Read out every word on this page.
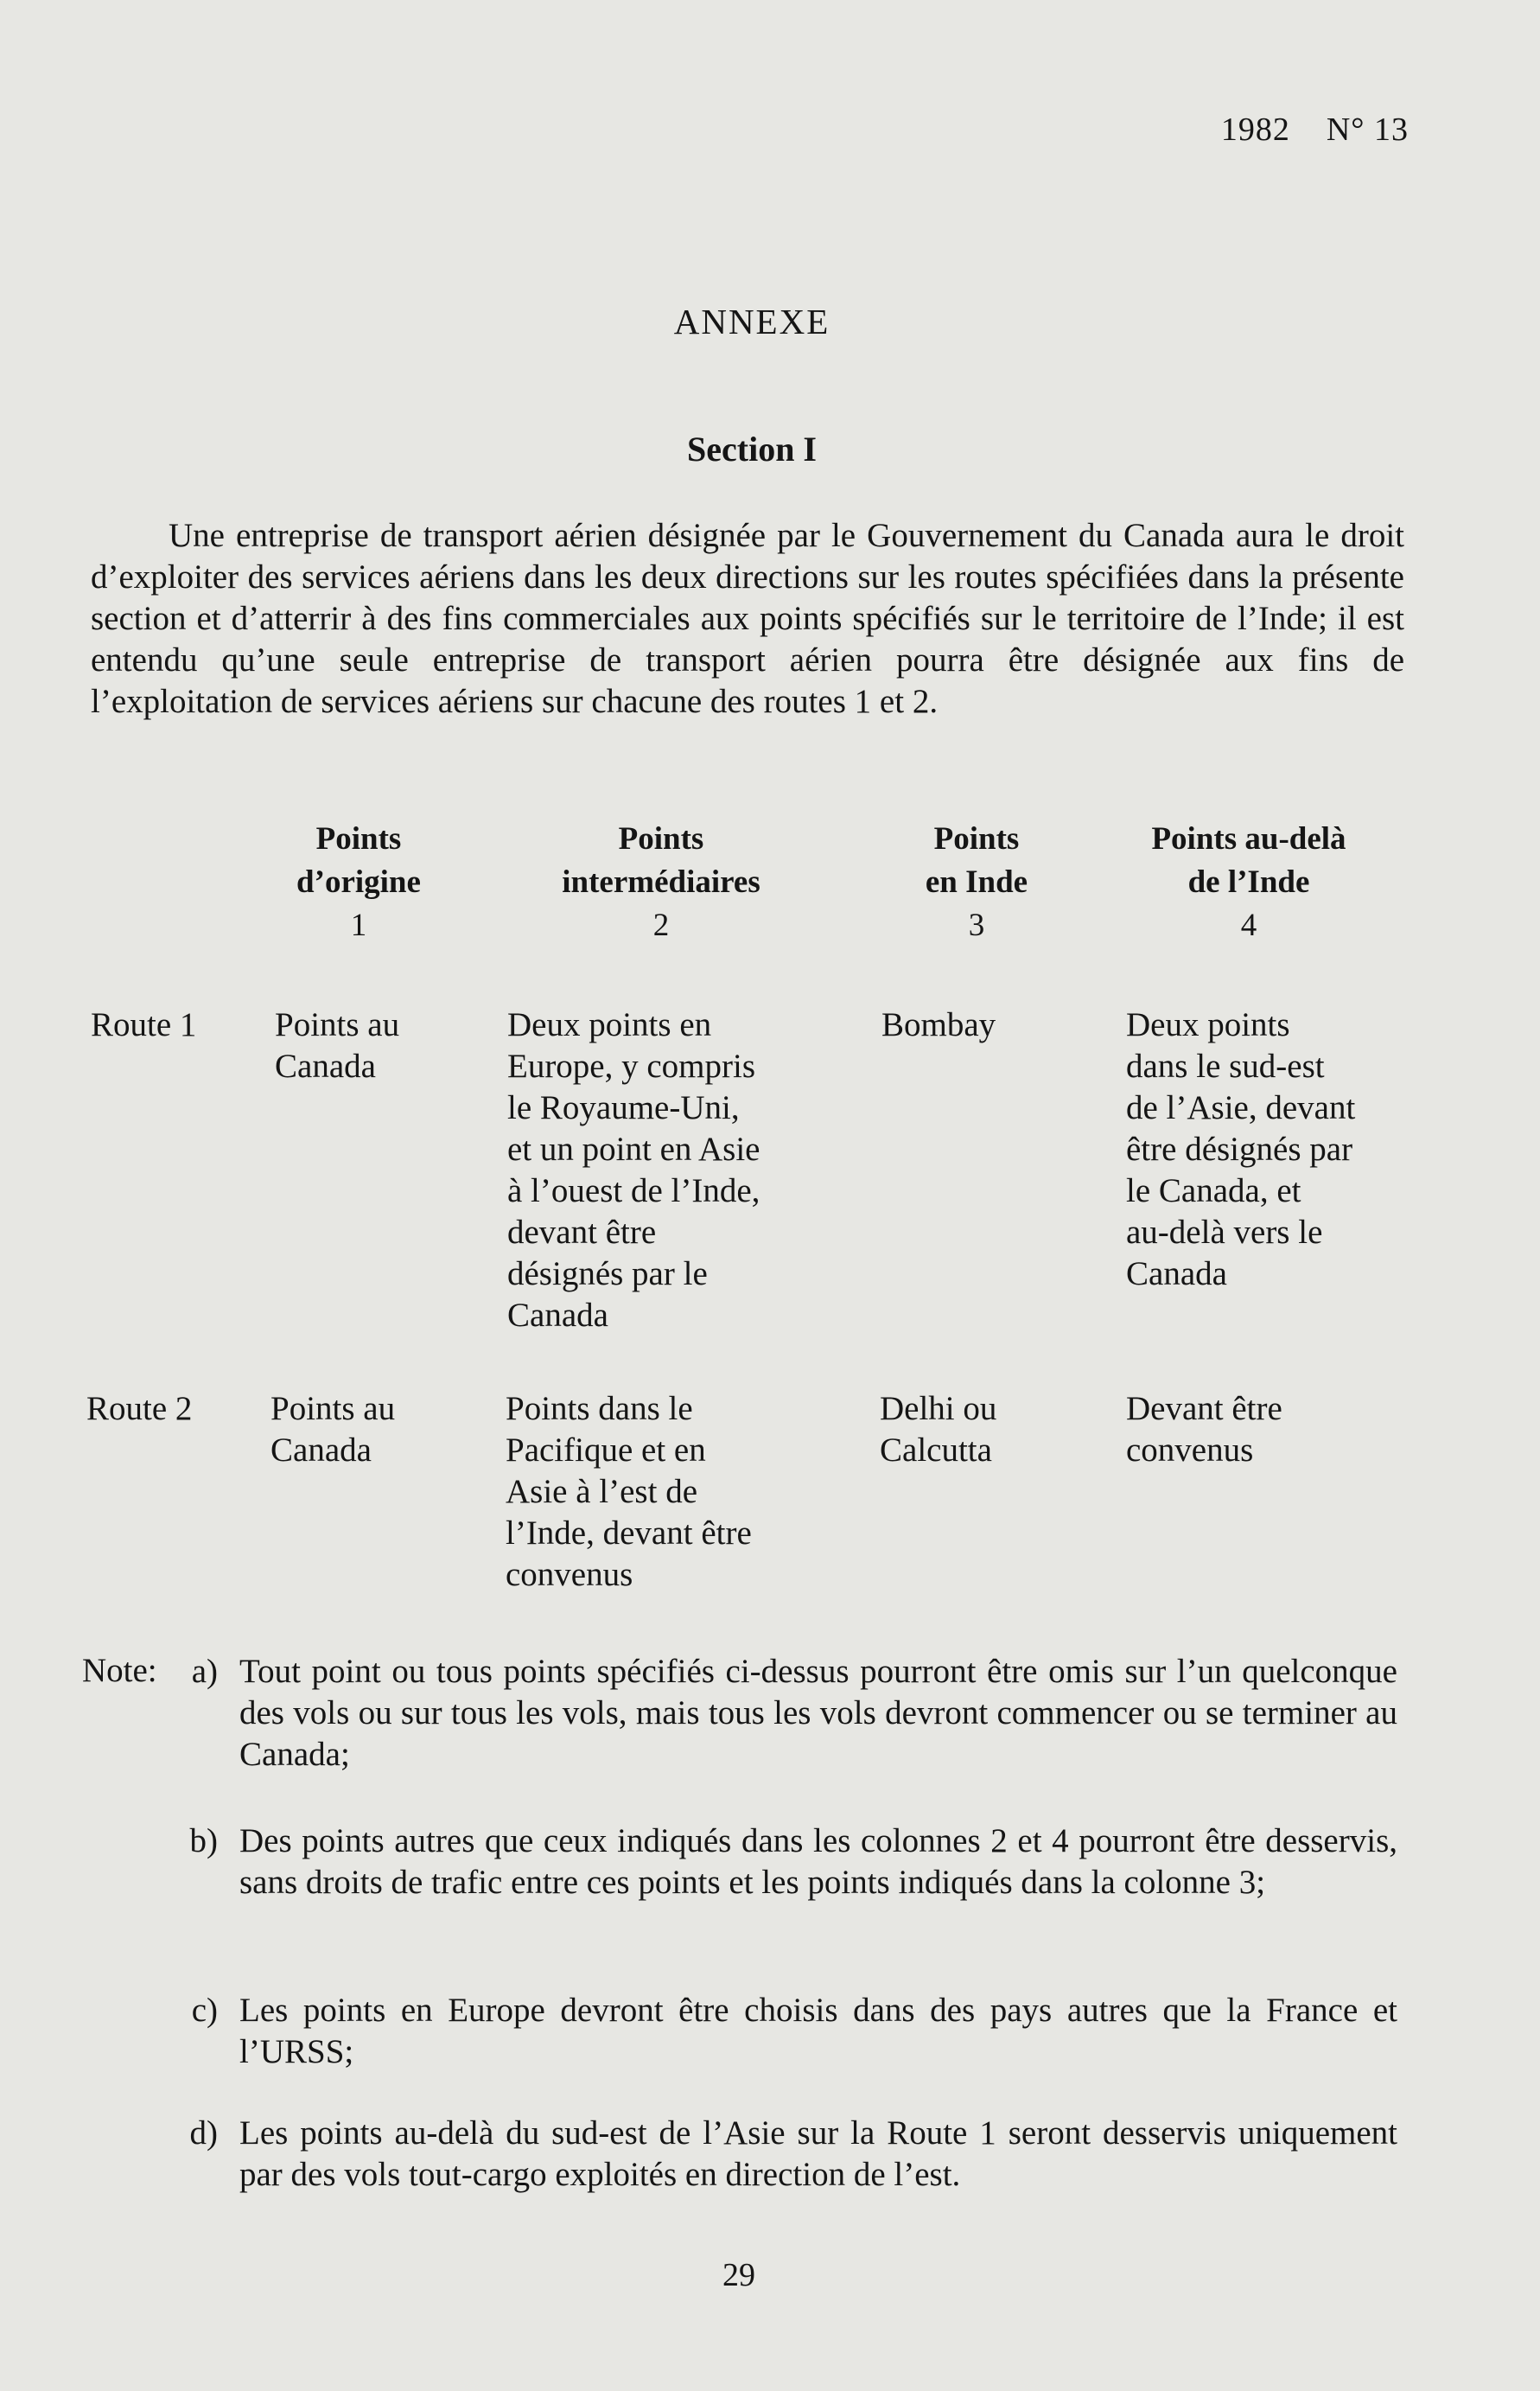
1982 N° 13
ANNEXE
Section I
Une entreprise de transport aérien désignée par le Gouvernement du Canada aura le droit d’exploiter des services aériens dans les deux directions sur les routes spécifiées dans la présente section et d’atterrir à des fins commerciales aux points spécifiés sur le territoire de l’Inde; il est entendu qu’une seule entreprise de transport aérien pourra être désignée aux fins de l’exploitation de services aériens sur chacune des routes 1 et 2.
Points
d’origine
1
Points
intermédiaires
2
Points
en Inde
3
Points au-delà
de l’Inde
4
Route 1 Points au
Canada
Deux points en
Europe, y compris
le Royaume-Uni,
et un point en Asie
à l’ouest de l’Inde,
devant être
désignés par le
Canada
Bombay	Deux points
dans le sud-est
de l’Asie, devant
être désignés par
le Canada, et
au-delà vers le
Canada
Route 2 Points au
Canada
Points dans le
Pacifique et en
Asie à l’est de
l’Inde, devant être
convenus
Delhi ou
Calcutta
Devant être
convenus
Note:	a) Tout point ou tous points spécifiés ci-dessus pourront être omis sur l’un quelconque des vols ou sur tous les vols, mais tous les vols devront commencer ou se terminer au Canada;
b) Des points autres que ceux indiqués dans les colonnes 2 et 4 pourront être desservis, sans droits de trafic entre ces points et les points indiqués dans la colonne 3;
c) Les points en Europe devront être choisis dans des pays autres que la France et l’URSS;
d) Les points au-delà du sud-est de l’Asie sur la Route 1 seront desservis uniquement par des vols tout-cargo exploités en direction de l’est.
29
